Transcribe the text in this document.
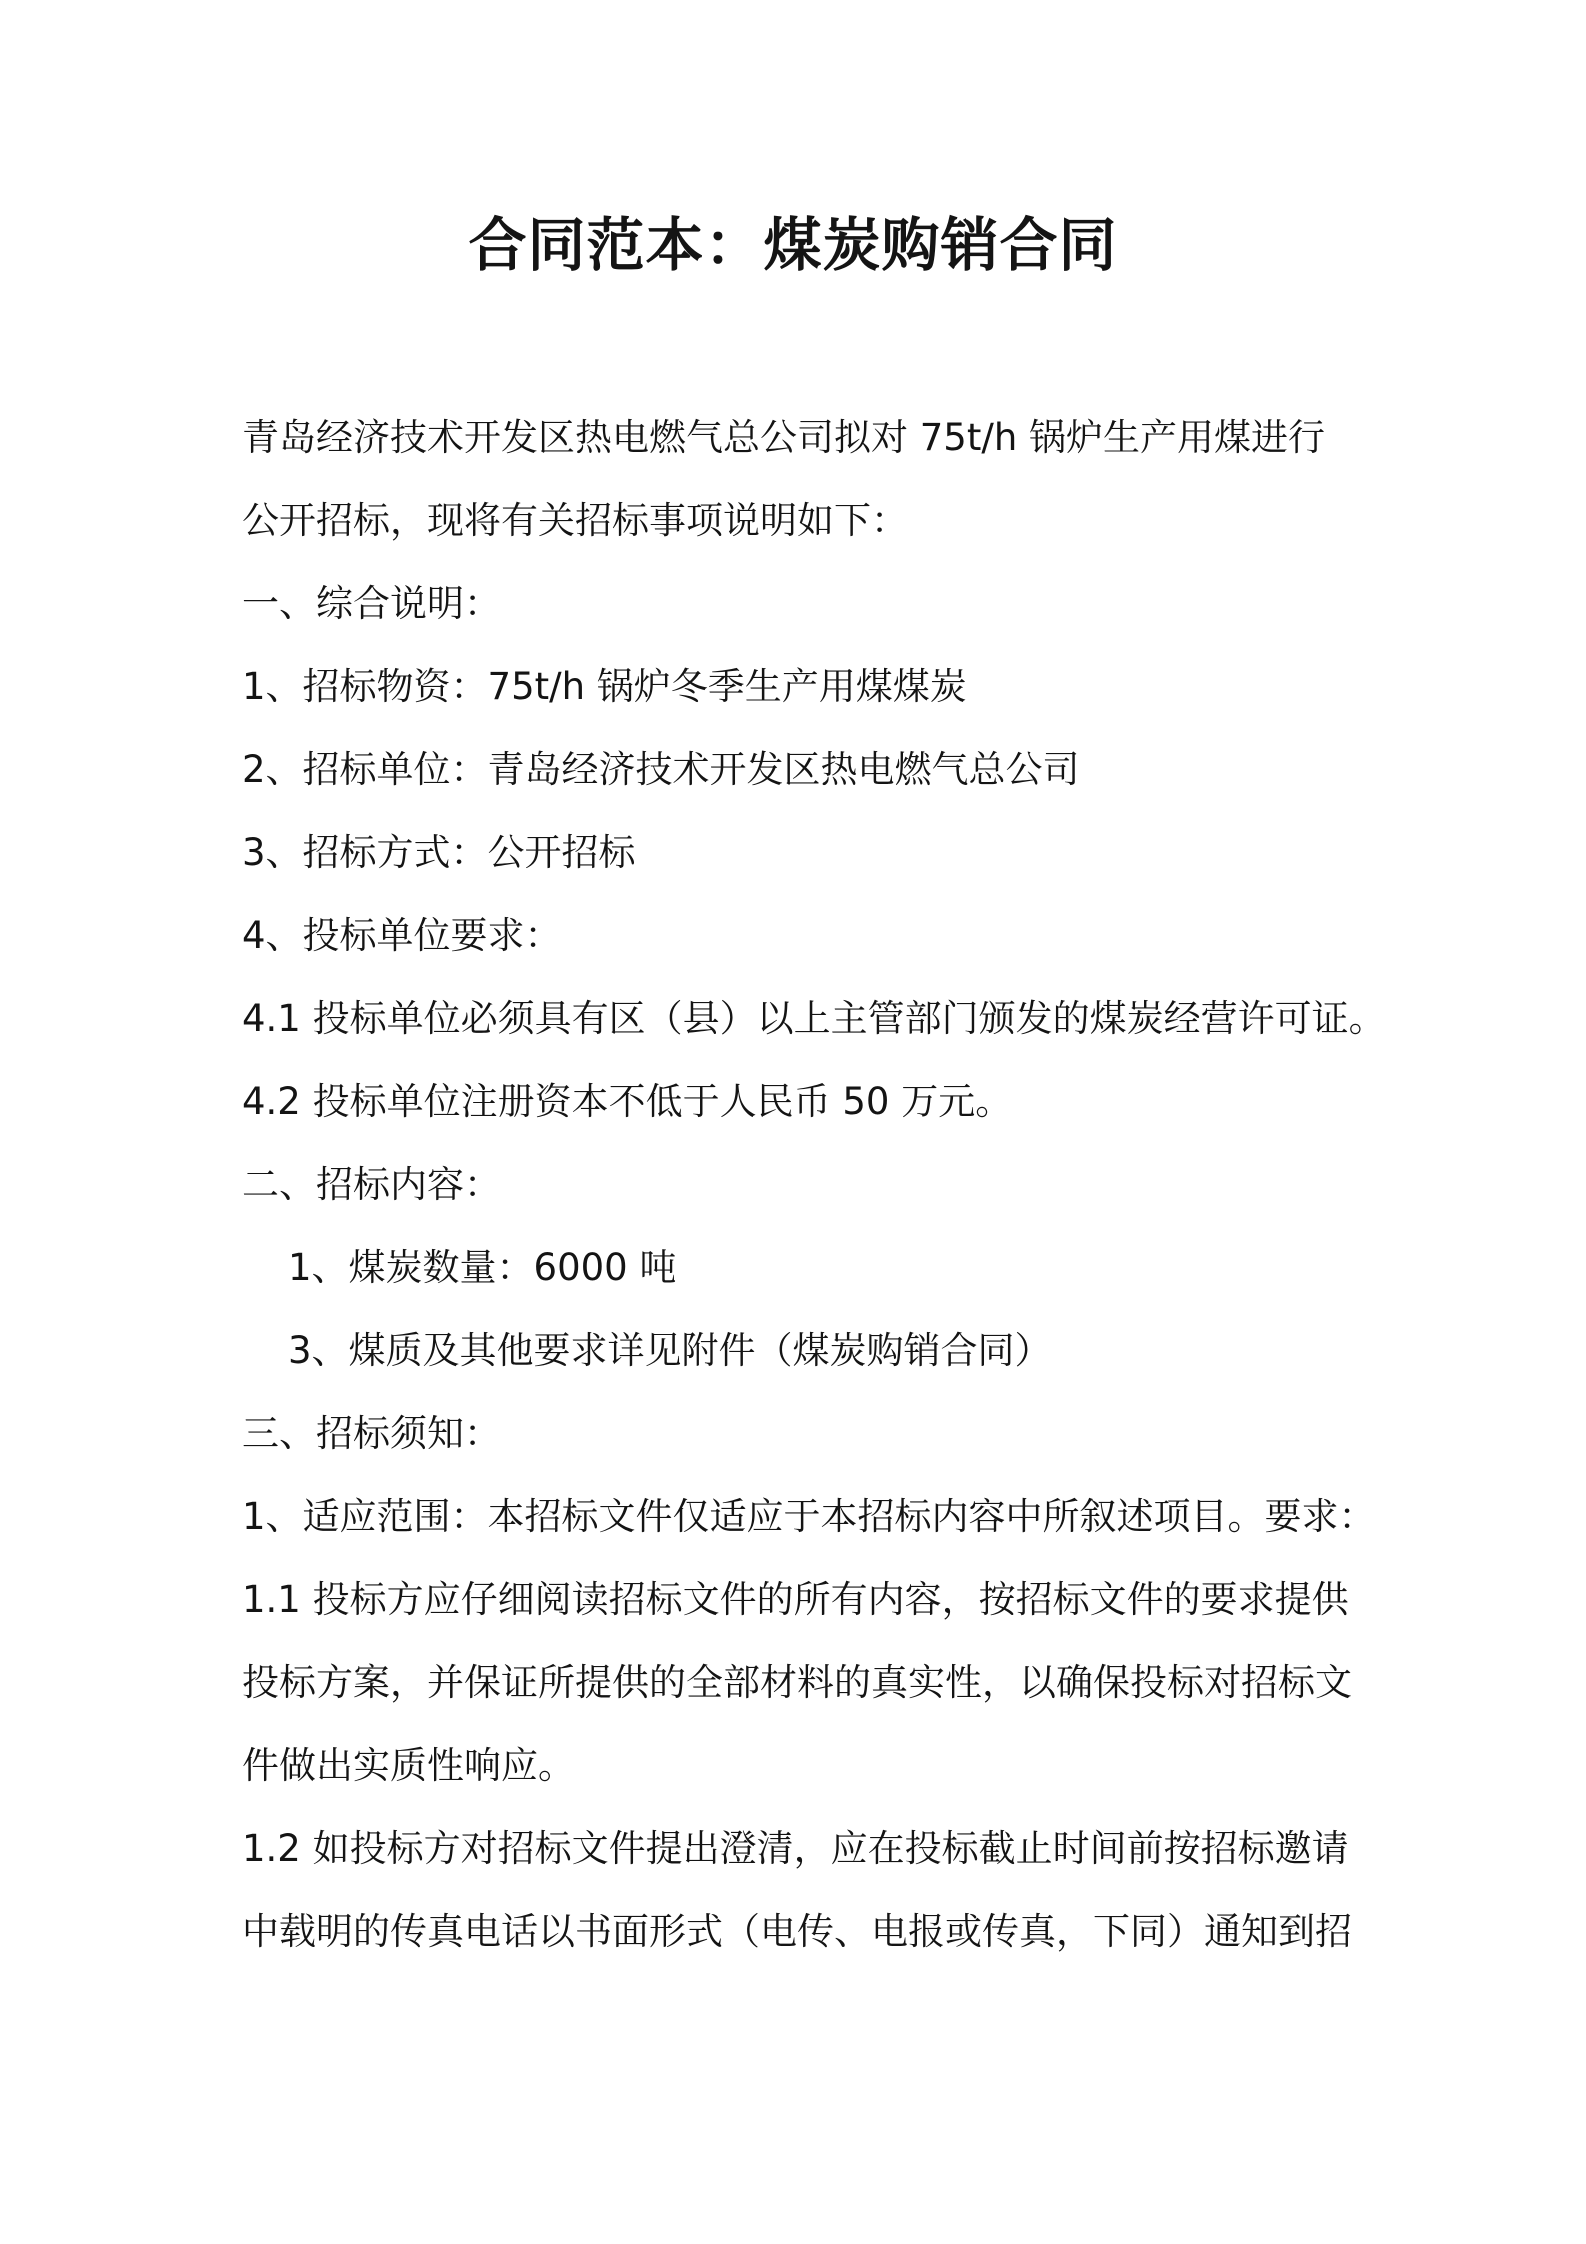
合同范本：煤炭购销合同
青岛经济技术开发区热电燃气总公司拟对 75t/h 锅炉生产用煤进行
公开招标，现将有关招标事项说明如下：
一、综合说明：
1、招标物资：75t/h 锅炉冬季生产用煤煤炭
2、招标单位：青岛经济技术开发区热电燃气总公司
3、招标方式：公开招标
4、投标单位要求：
4.1 投标单位必须具有区（县）以上主管部门颁发的煤炭经营许可证。
4.2 投标单位注册资本不低于人民币 50 万元。
二、招标内容：
1、煤炭数量：6000 吨
3、煤质及其他要求详见附件（煤炭购销合同）
三、招标须知：
1、适应范围：本招标文件仅适应于本招标内容中所叙述项目。要求：
1.1 投标方应仔细阅读招标文件的所有内容，按招标文件的要求提供
投标方案，并保证所提供的全部材料的真实性，以确保投标对招标文
件做出实质性响应。
1.2 如投标方对招标文件提出澄清，应在投标截止时间前按招标邀请
中载明的传真电话以书面形式（电传、电报或传真，下同）通知到招
